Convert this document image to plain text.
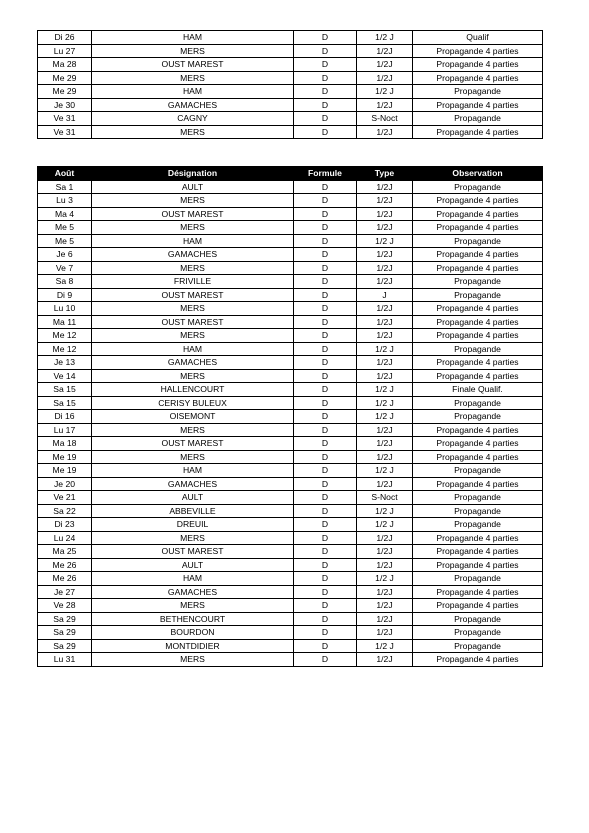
Di 26	HAM	D	1/2 J	Qualif
Lu 27	MERS	D	1/2J	Propagande 4 parties
Ma 28	OUST MAREST	D	1/2J	Propagande 4 parties
Me 29	MERS	D	1/2J	Propagande 4 parties
Me 29	HAM	D	1/2 J	Propagande
Je 30	GAMACHES	D	1/2J	Propagande 4 parties
Ve 31	CAGNY	D	S-Noct	Propagande
Ve 31	MERS	D	1/2J	Propagande 4 parties
Août	Désignation	Formule	Type	Observation
Sa 1	AULT	D	1/2J	Propagande
Lu 3	MERS	D	1/2J	Propagande 4 parties
Ma 4	OUST MAREST	D	1/2J	Propagande 4 parties
Me 5	MERS	D	1/2J	Propagande 4 parties
Me 5	HAM	D	1/2 J	Propagande
Je 6	GAMACHES	D	1/2J	Propagande 4 parties
Ve 7	MERS	D	1/2J	Propagande 4 parties
Sa 8	FRIVILLE	D	1/2J	Propagande
Di 9	OUST MAREST	D	J	Propagande
Lu 10	MERS	D	1/2J	Propagande 4 parties
Ma 11	OUST MAREST	D	1/2J	Propagande 4 parties
Me 12	MERS	D	1/2J	Propagande 4 parties
Me 12	HAM	D	1/2 J	Propagande
Je 13	GAMACHES	D	1/2J	Propagande 4 parties
Ve 14	MERS	D	1/2J	Propagande 4 parties
Sa 15	HALLENCOURT	D	1/2 J	Finale Qualif.
Sa 15	CERISY BULEUX	D	1/2 J	Propagande
Di 16	OISEMONT	D	1/2 J	Propagande
Lu 17	MERS	D	1/2J	Propagande 4 parties
Ma 18	OUST MAREST	D	1/2J	Propagande 4 parties
Me 19	MERS	D	1/2J	Propagande 4 parties
Me 19	HAM	D	1/2 J	Propagande
Je 20	GAMACHES	D	1/2J	Propagande 4 parties
Ve 21	AULT	D	S-Noct	Propagande
Sa 22	ABBEVILLE	D	1/2 J	Propagande
Di 23	DREUIL	D	1/2 J	Propagande
Lu 24	MERS	D	1/2J	Propagande 4 parties
Ma 25	OUST MAREST	D	1/2J	Propagande 4 parties
Me 26	AULT	D	1/2J	Propagande 4 parties
Me 26	HAM	D	1/2 J	Propagande
Je 27	GAMACHES	D	1/2J	Propagande 4 parties
Ve 28	MERS	D	1/2J	Propagande 4 parties
Sa 29	BETHENCOURT	D	1/2J	Propagande
Sa 29	BOURDON	D	1/2J	Propagande
Sa 29	MONTDIDIER	D	1/2 J	Propagande
Lu 31	MERS	D	1/2J	Propagande 4 parties
